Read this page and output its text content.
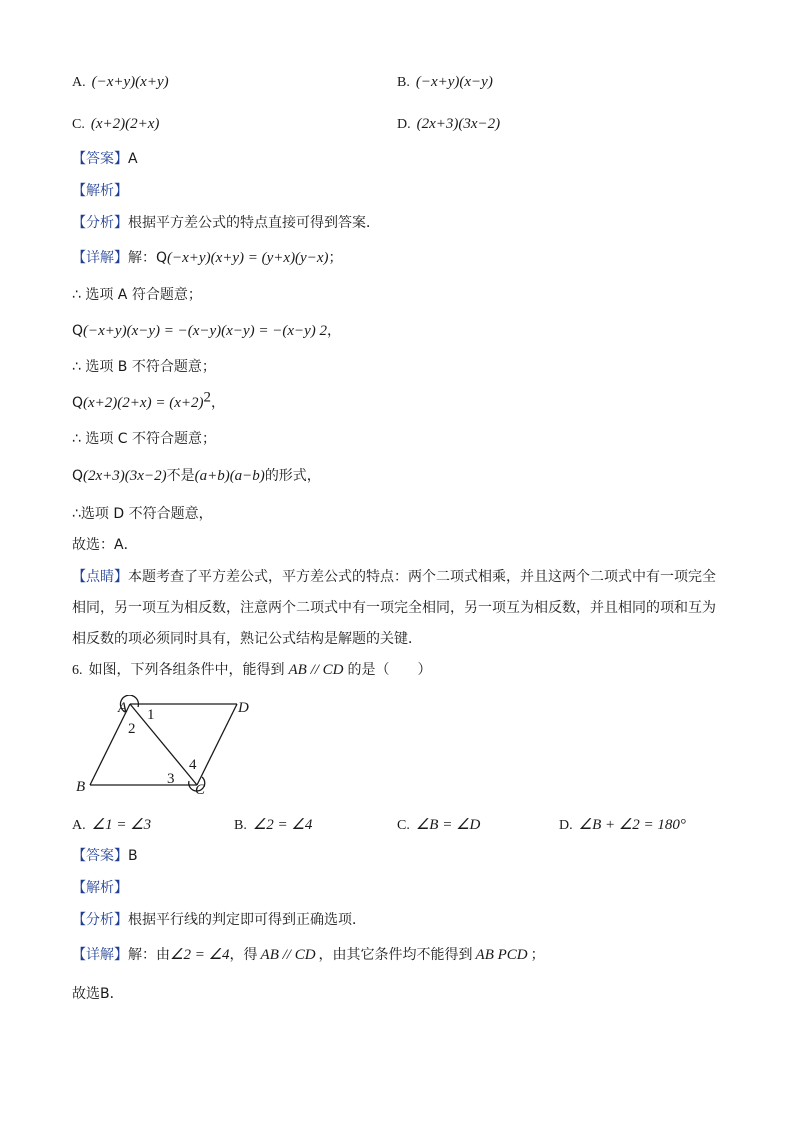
A. (−x+y)(x+y)	B. (−x+y)(x−y)
C. (x+2)(2+x)	D. (2x+3)(3x−2)
【答案】A
【解析】
【分析】根据平方差公式的特点直接可得到答案．
【详解】解：Q(−x+y)(x+y) = (y+x)(y−x)；
∴ 选项 A 符合题意；
Q(−x+y)(x−y) = −(x−y)(x−y) = −(x−y) 2，
∴ 选项 B 不符合题意；
$Q(x+2)(2+x) = (x+2)^2$，
∴ 选项 C 不符合题意；
Q(2x+3)(3x−2)不是(a+b)(a−b)的形式，
∴选项 D 不符合题意，
故选：A．
【点睛】本题考查了平方差公式，平方差公式的特点：两个二项式相乘，并且这两个二项式中有一项完全
相同，另一项互为相反数，注意两个二项式中有一项完全相同，另一项互为相反数，并且相同的项和互为
相反数的项必须同时具有，熟记公式结构是解题的关键．
6. 如图，下列各组条件中，能得到 AB // CD 的是（　　）
A	D
B	C
1
2
3
4
A. ∠1 = ∠3	B. ∠2 = ∠4	C. ∠B = ∠D	D. ∠B + ∠2 = 180°
【答案】B
【解析】
【分析】根据平行线的判定即可得到正确选项．
【详解】解：由∠2 = ∠4，得 AB // CD ，由其它条件均不能得到 AB PCD ；
故选B．
